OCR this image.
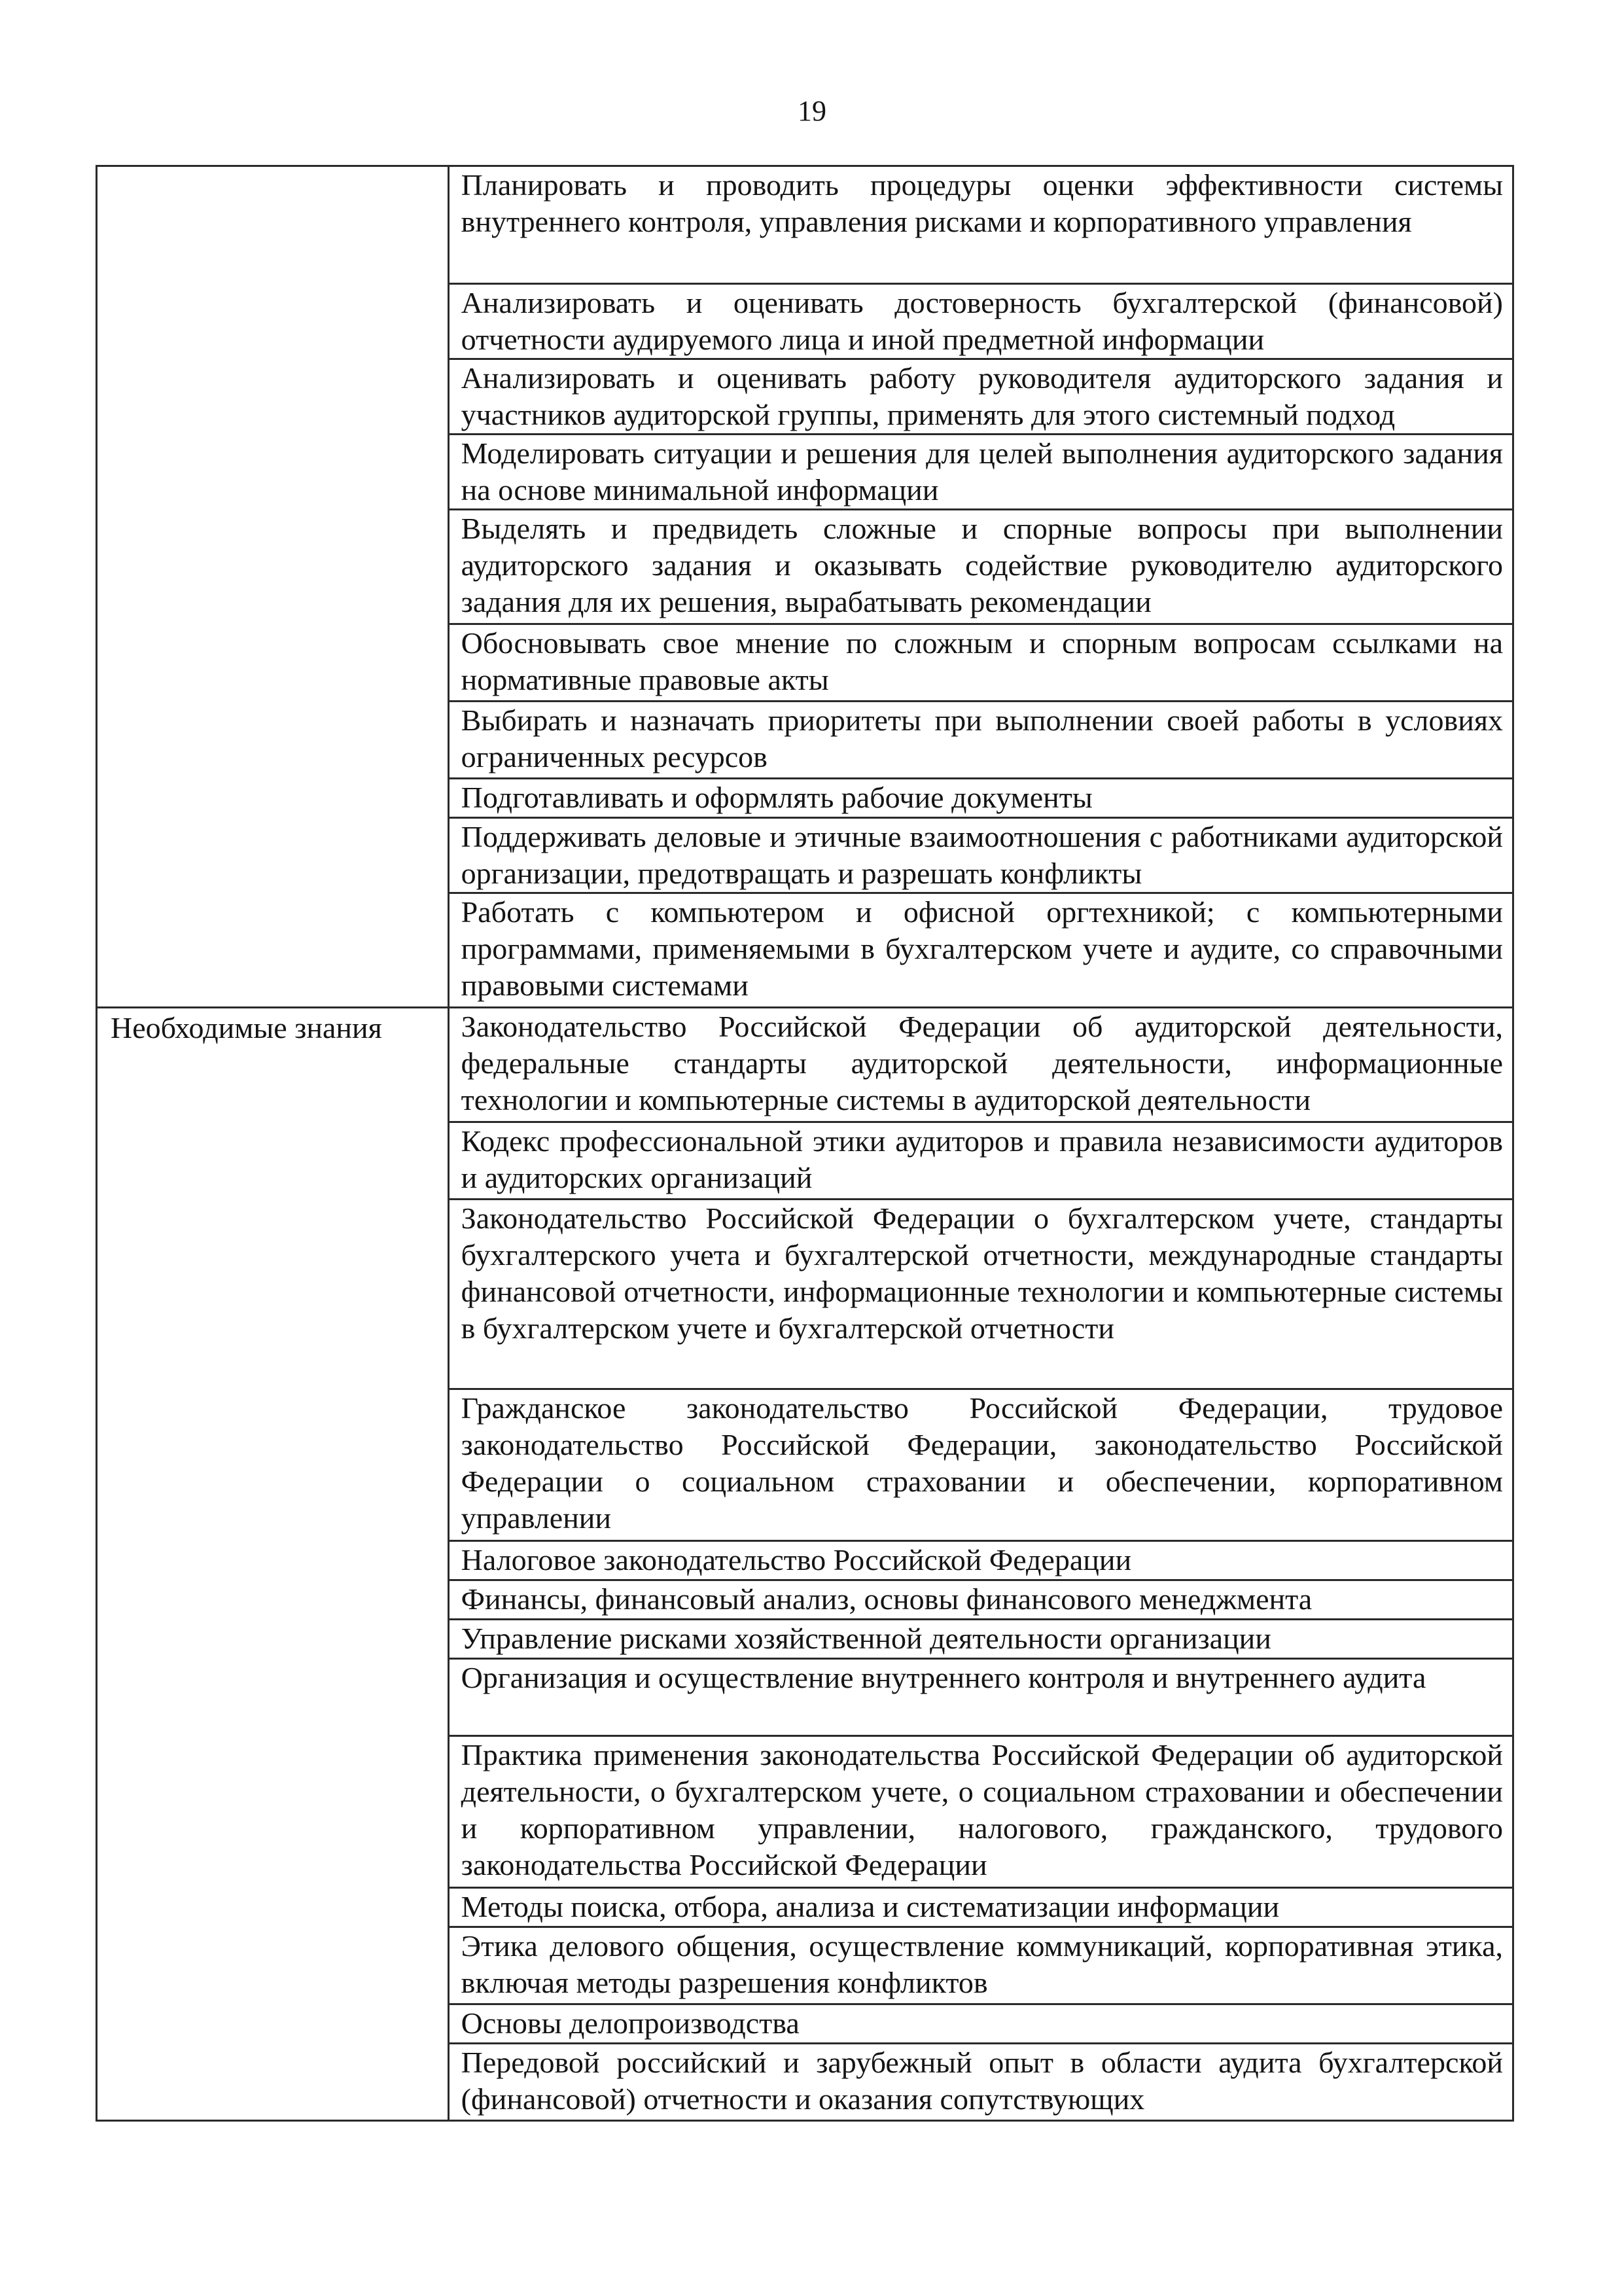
19

	Планировать и проводить процедуры оценки эффективности системы внутреннего контроля, управления рисками и корпоративного управления

	Анализировать и оценивать достоверность бухгалтерской (финансовой) отчетности аудируемого лица и иной предметной информации

	Анализировать и оценивать работу руководителя аудиторского задания и участников аудиторской группы, применять для этого системный подход

	Моделировать ситуации и решения для целей выполнения аудиторского задания на основе минимальной информации

	Выделять и предвидеть сложные и спорные вопросы при выполнении аудиторского задания и оказывать содействие руководителю аудиторского задания для их решения, вырабатывать рекомендации

	Обосновывать свое мнение по сложным и спорным вопросам ссылками на нормативные правовые акты

	Выбирать и назначать приоритеты при выполнении своей работы в условиях ограниченных ресурсов

	Подготавливать и оформлять рабочие документы

	Поддерживать деловые и этичные взаимоотношения с работниками аудиторской организации, предотвращать и разрешать конфликты

	Работать с компьютером и офисной оргтехникой; с компьютерными программами, применяемыми в бухгалтерском учете и аудите, со справочными правовыми системами

Необходимые знания	Законодательство Российской Федерации об аудиторской деятельности, федеральные стандарты аудиторской деятельности, информационные технологии и компьютерные системы в аудиторской деятельности

	Кодекс профессиональной этики аудиторов и правила независимости аудиторов и аудиторских организаций

	Законодательство Российской Федерации о бухгалтерском учете, стандарты бухгалтерского учета и бухгалтерской отчетности, международные стандарты финансовой отчетности, информационные технологии и компьютерные системы в бухгалтерском учете и бухгалтерской отчетности

	Гражданское законодательство Российской Федерации, трудовое законодательство Российской Федерации, законодательство Российской Федерации о социальном страховании и обеспечении, корпоративном управлении

	Налоговое законодательство Российской Федерации

	Финансы, финансовый анализ, основы финансового менеджмента

	Управление рисками хозяйственной деятельности организации

	Организация и осуществление внутреннего контроля и внутреннего аудита

	Практика применения законодательства Российской Федерации об аудиторской деятельности, о бухгалтерском учете, о социальном страховании и обеспечении и корпоративном управлении, налогового, гражданского, трудового законодательства Российской Федерации

	Методы поиска, отбора, анализа и систематизации информации

	Этика делового общения, осуществление коммуникаций, корпоративная этика, включая методы разрешения конфликтов

	Основы делопроизводства

	Передовой российский и зарубежный опыт в области аудита бухгалтерской (финансовой) отчетности и оказания сопутствующих
